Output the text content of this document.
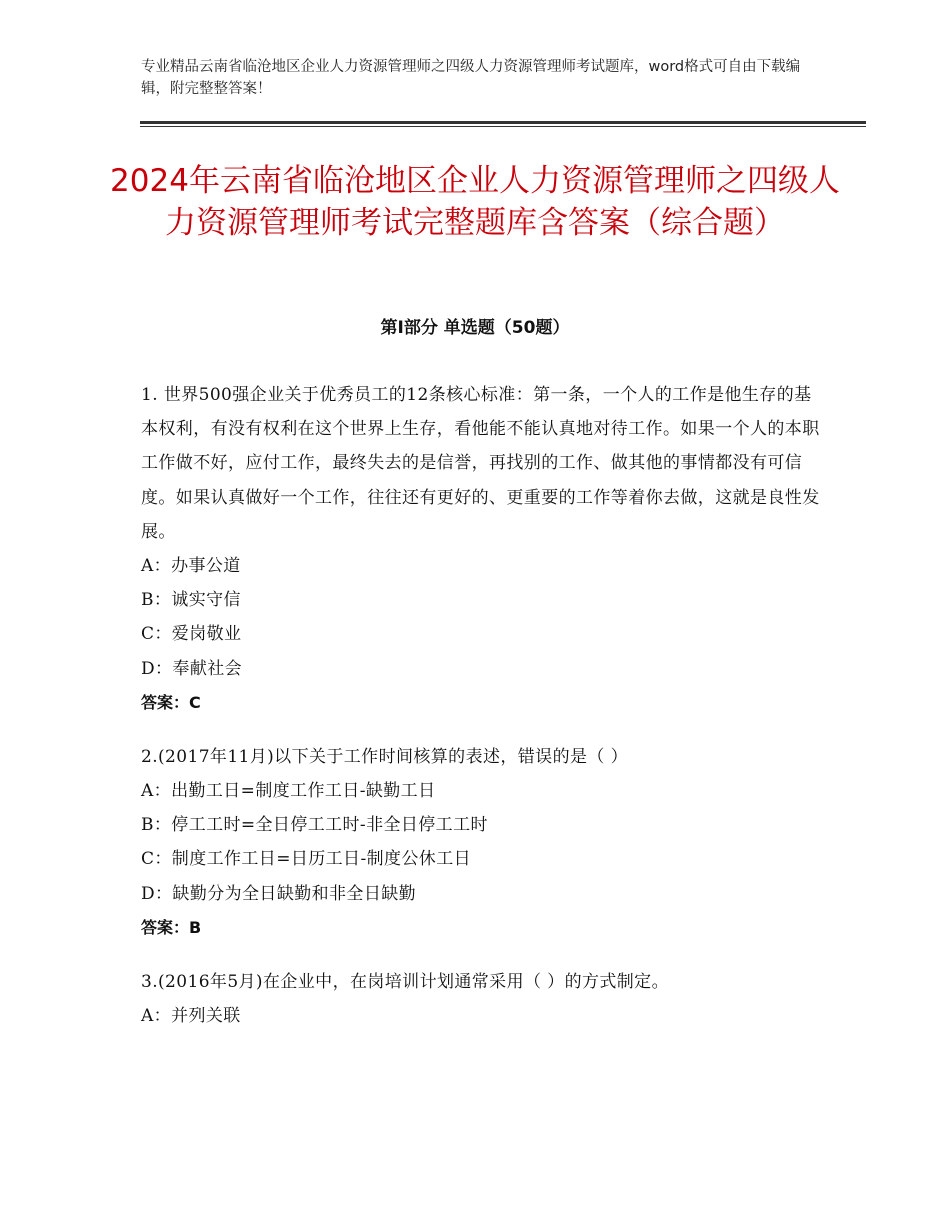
专业精品云南省临沧地区企业人力资源管理师之四级人力资源管理师考试题库，word格式可自由下载编辑，附完整整答案！
2024年云南省临沧地区企业人力资源管理师之四级人力资源管理师考试完整题库含答案（综合题）
第Ⅰ部分 单选题（50题）

1. 世界500强企业关于优秀员工的12条核心标准：第一条，一个人的工作是他生存的基本权利，有没有权利在这个世界上生存，看他能不能认真地对待工作。如果一个人的本职工作做不好，应付工作，最终失去的是信誉，再找别的工作、做其他的事情都没有可信度。如果认真做好一个工作，往往还有更好的、更重要的工作等着你去做，这就是良性发展。

A：办事公道

B：诚实守信

C：爱岗敬业

D：奉献社会

答案：C

2.(2017年11月)以下关于工作时间核算的表述，错误的是（ ）

A：出勤工日=制度工作工日-缺勤工日

B：停工工时=全日停工工时-非全日停工工时

C：制度工作工日=日历工日-制度公休工日

D：缺勤分为全日缺勤和非全日缺勤

答案：B

3.(2016年5月)在企业中，在岗培训计划通常采用（ ）的方式制定。

A：并列关联
